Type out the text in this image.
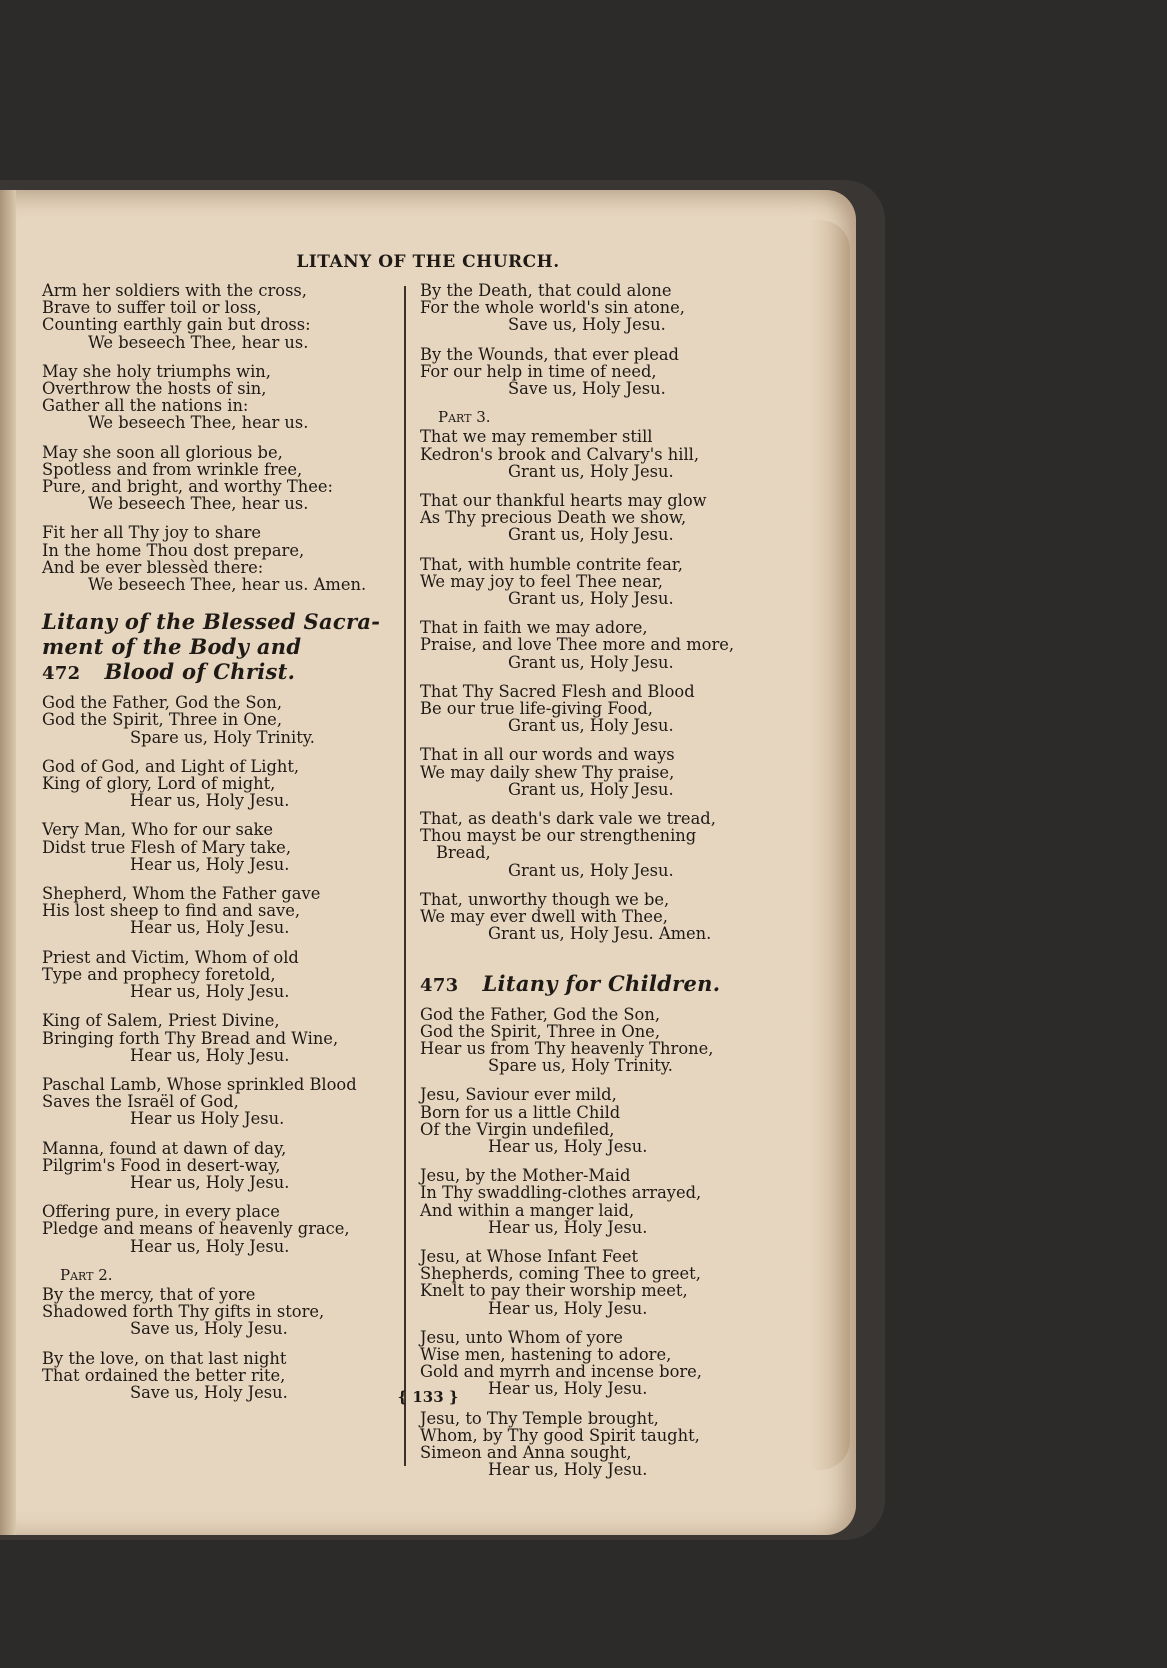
LITANY OF THE CHURCH.
Arm her soldiers with the cross,
Brave to suffer toil or loss,
Counting earthly gain but dross:
We beseech Thee, hear us.
May she holy triumphs win,
Overthrow the hosts of sin,
Gather all the nations in:
We beseech Thee, hear us.
May she soon all glorious be,
Spotless and from wrinkle free,
Pure, and bright, and worthy Thee:
We beseech Thee, hear us.
Fit her all Thy joy to share
In the home Thou dost prepare,
And be ever blessèd there:
We beseech Thee, hear us. Amen.
Litany of the Blessed Sacra-
ment of the Body and
472 Blood of Christ.
God the Father, God the Son,
God the Spirit, Three in One,
Spare us, Holy Trinity.
God of God, and Light of Light,
King of glory, Lord of might,
Hear us, Holy Jesu.
Very Man, Who for our sake
Didst true Flesh of Mary take,
Hear us, Holy Jesu.
Shepherd, Whom the Father gave
His lost sheep to find and save,
Hear us, Holy Jesu.
Priest and Victim, Whom of old
Type and prophecy foretold,
Hear us, Holy Jesu.
King of Salem, Priest Divine,
Bringing forth Thy Bread and Wine,
Hear us, Holy Jesu.
Paschal Lamb, Whose sprinkled Blood
Saves the Israël of God,
Hear us Holy Jesu.
Manna, found at dawn of day,
Pilgrim's Food in desert-way,
Hear us, Holy Jesu.
Offering pure, in every place
Pledge and means of heavenly grace,
Hear us, Holy Jesu.
Part 2.
By the mercy, that of yore
Shadowed forth Thy gifts in store,
Save us, Holy Jesu.
By the love, on that last night
That ordained the better rite,
Save us, Holy Jesu.
By the Death, that could alone
For the whole world's sin atone,
Save us, Holy Jesu.
By the Wounds, that ever plead
For our help in time of need,
Save us, Holy Jesu.
Part 3.
That we may remember still
Kedron's brook and Calvary's hill,
Grant us, Holy Jesu.
That our thankful hearts may glow
As Thy precious Death we show,
Grant us, Holy Jesu.
That, with humble contrite fear,
We may joy to feel Thee near,
Grant us, Holy Jesu.
That in faith we may adore,
Praise, and love Thee more and more,
Grant us, Holy Jesu.
That Thy Sacred Flesh and Blood
Be our true life-giving Food,
Grant us, Holy Jesu.
That in all our words and ways
We may daily shew Thy praise,
Grant us, Holy Jesu.
That, as death's dark vale we tread,
Thou mayst be our strengthening
Bread,
Grant us, Holy Jesu.
That, unworthy though we be,
We may ever dwell with Thee,
Grant us, Holy Jesu. Amen.
473 Litany for Children.
God the Father, God the Son,
God the Spirit, Three in One,
Hear us from Thy heavenly Throne,
Spare us, Holy Trinity.
Jesu, Saviour ever mild,
Born for us a little Child
Of the Virgin undefiled,
Hear us, Holy Jesu.
Jesu, by the Mother-Maid
In Thy swaddling-clothes arrayed,
And within a manger laid,
Hear us, Holy Jesu.
Jesu, at Whose Infant Feet
Shepherds, coming Thee to greet,
Knelt to pay their worship meet,
Hear us, Holy Jesu.
Jesu, unto Whom of yore
Wise men, hastening to adore,
Gold and myrrh and incense bore,
Hear us, Holy Jesu.
Jesu, to Thy Temple brought,
Whom, by Thy good Spirit taught,
Simeon and Anna sought,
Hear us, Holy Jesu.
{ 133 }
